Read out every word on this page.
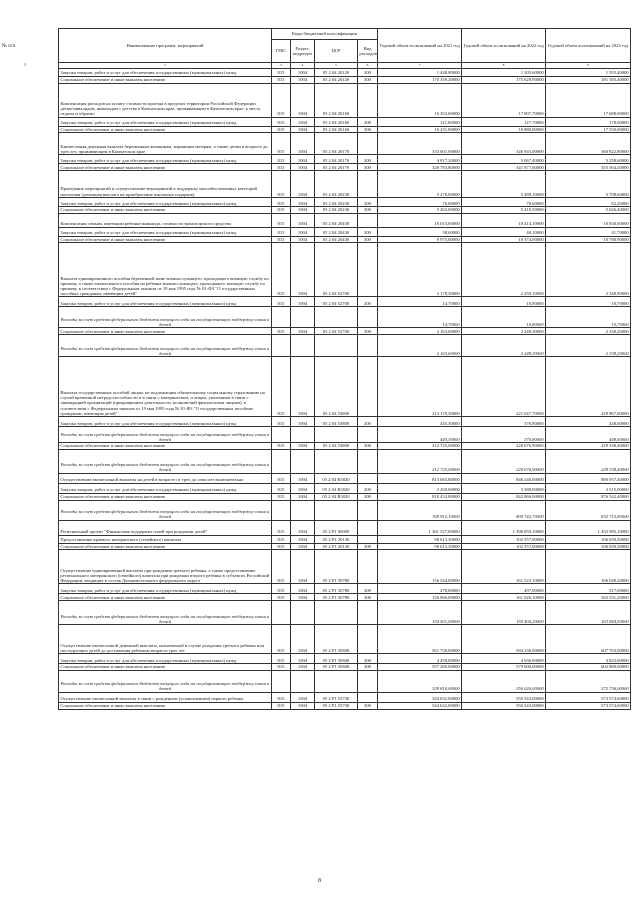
№ п/п	Наименование программ, мероприятий	Коды бюджетной классификации				Годовой объем ассигнований на 2021 год	Годовой объем ассигнований на 2022 год	Годовой объем ассигнований на 2023 год
	ГРБС	Раздел, подраздел	ЦСР	Вид расходов			
2	3	4	5	6	7	8	9
Закупка товаров, работ и услуг для обеспечения государственных (муниципальных) нужд	815	1004	05 2 04 20120	200	1 448,80000	1 505,60000	1 555,40000
Социальное обеспечение и иные выплаты населению	815	1004	05 2 04 20120	300	170 359,20000	175 628,90000	181 185,40000
Компенсация расходов на оплату стоимости проезда в пределах территории Российской Федерации детям-инвалидам, инвалидам с детства в Камчатском крае, проживающим в Камчатском крае, к месту отдыха и обратно	815	1004	05 2 04 20160		16 353,60000	17 007,70000	17 688,00000
Закупка товаров, работ и услуг для обеспечения государственных (муниципальных) нужд	815	1004	05 2 04 20160	200	121,80000	127,70000	178,00000
Социальное обеспечение и иные выплаты населению	815	1004	05 2 04 20160	300	16 231,80000	16 880,00000	17 550,00000
Ежемесячная денежная выплата беременным женщинам, кормящим матерям, а также детям в возрасте до трех лет, проживающим в Камчатском крае	815	1004	05 2 04 20170		333 601,00000	346 945,00000	360 822,80000
Закупка товаров, работ и услуг для обеспечения государственных (муниципальных) нужд	815	1004	05 2 04 20170	200	4 817,20000	5 067,40000	5 258,60000
Социальное обеспечение и иные выплаты населению	815	1004	05 2 04 20170	300	328 783,80000	341 877,60000	355 564,20000
Проведение мероприятий и осуществление мероприятий в поддержку малообеспеченных категорий населения (денежная выплата на приобретение школьных подарков)	815	1004	05 2 04 20230		5 278,00000	5 489,10000	5 708,60000
Закупка товаров, работ и услуг для обеспечения государственных (муниципальных) нужд	815	1004	05 2 04 20230	200	76,00000	78,60000	82,20000
Социальное обеспечение и иные выплаты населению	815	1004	05 2 04 20230	300	5 202,00000	5 410,50000	5 626,40000
Компенсация семьям, имеющим ребенка-инвалида, стоимости транспортного средства	815	1004	05 2 04 20430		10 013,60000	10 414,10000	10 830,60000
Закупка товаров, работ и услуг для обеспечения государственных (муниципальных) нужд	815	1004	05 2 04 20430	200	38,60000	40,10000	41,70000
Социальное обеспечение и иные выплаты населению	815	1004	05 2 04 20430	300	9 975,00000	10 374,00000	10 788,90000
Выплата единовременного пособия беременной жене военнослужащего, проходящего военную службу по призыву, а также ежемесячного пособия на ребенка военнослужащего, проходящего военную службу по призыву, в соответствии с Федеральным законом от 19 мая 1995 года № 81-ФЗ "О государственных пособиях гражданам, имеющим детей"	815	1004	05 2 04 52700		2 178,30000	2 259,10000	2 348,90000
Закупка товаров, работ и услуг для обеспечения государственных (муниципальных) нужд	815	1004	05 2 04 52700	200	14,70000	10,80000	10,70000
Расходы за счет средств федерального бюджета текущего года на государственную поддержку семьи и детей					14,70000	10,80000	10,70000
Социальное обеспечение и иные выплаты населению	815	1004	05 2 04 52700	300	2 163,60000	2 248,30000	2 338,20000
Расходы за счет средств федерального бюджета текущего года на государственную поддержку семьи и детей					2 163,60000	2 248,30000	2 338,20000
Выплата государственных пособий лицам, не подлежащим обязательному социальному страхованию на случай временной нетрудоспособности и в связи с материнством, и лицам, уволенным в связи с ликвидацией организаций (прекращением деятельности, полномочий физическими лицами), в соответствии с Федеральным законом от 19 мая 1995 года № 81-ФЗ "О государственных пособиях гражданам, имеющим детей"	815	1004	05 2 04 53800		213 170,30000	221 047,70000	229 867,00000
Закупка товаров, работ и услуг для обеспечения государственных (муниципальных) нужд	815	1004	05 2 04 53800	200	445,30000	370,80000	448,60000
Расходы за счет средств федерального бюджета текущего года на государственную поддержку семьи и детей					445,30000	370,80000	448,60000
Социальное обеспечение и иные выплаты населению	815	1004	05 2 04 53800	300	212 725,00000	220 676,90000	229 338,40000
Расходы за счет средств федерального бюджета текущего года на государственную поддержку семьи и детей					212 725,00000	220 676,90000	229 338,40000
Осуществление ежемесячной выплаты на детей в возрасте от трех до семи лет включительно	815	1004	05 2 04 R3020		813 683,80000	846 246,00000	880 057,40000
Закупка товаров, работ и услуг для обеспечения государственных (муниципальных) нужд	815	1004	05 2 04 R3020	200	3 250,00000	3 380,00000	3 515,00000
Социальное обеспечение и иные выплаты населению	815	1004	05 2 04 R3020	300	810 433,80000	842 866,00000	876 542,40000
Расходы за счет средств федерального бюджета текущего года на государственную поддержку семьи и детей					769 912,10000	800 742,70000	832 715,80000
Региональный проект "Финансовая поддержка семей при рождении детей"	815	1004	05 2 P1 00000		1 361 527,00000	1 398 859,10000	1 453 985,10000
Предоставление краевого материнского (семейного) капитала	815	1004	05 2 P1 20130		98 613,30000	102 557,00000	106 659,30000
Социальное обеспечение и иные выплаты населению	815	1004	05 2 P1 20130	300	98 613,30000	102 557,00000	106 659,30000
Осуществление единовременной выплаты при рождении третьего ребенка, а также предоставление регионального материнского (семейного) капитала при рождении второго ребенка в субъектах Российской Федерации, входящих в состав Дальневосточного федерального округа	815	1004	05 2 P1 50780		156 544,00000	161 523,10000	166 048,20000
Закупка товаров, работ и услуг для обеспечения государственных (муниципальных) нужд	815	1004	05 2 P1 50780	200	478,00000	497,00000	517,00000
Социальное обеспечение и иные выплаты населению	815	1004	05 2 P1 50780	300	156 066,00000	161 026,10000	165 531,20000
Расходы за счет средств федерального бюджета текущего года на государственную поддержку семьи и детей					154 501,00000	159 404,20000	163 844,50000
Осуществление ежемесячной денежной выплаты, назначаемой в случае рождения третьего ребенка или последующих детей до достижения ребенком возраста трех лет	815	1004	05 2 P1 50840		561 738,00000	584 236,00000	607 703,00000
Закупка товаров, работ и услуг для обеспечения государственных (муниципальных) нужд	815	1004	05 2 P1 50840	200	4 458,00000	4 636,00000	4 823,00000
Социальное обеспечение и иные выплаты населению	815	1004	05 2 P1 50840	300	557 280,00000	579 600,00000	602 880,00000
Расходы за счет средств федерального бюджета текущего года на государственную поддержку семьи и детей					329 810,00000	350 026,00000	372 736,00000
Осуществление ежемесячной выплаты в связи с рождением (усыновлением) первого ребенка	815	1004	05 2 P1 55730		544 632,00000	550 543,00000	573 574,60000
Социальное обеспечение и иные выплаты населению	815	1004	05 2 P1 55730	300	544 632,00000	550 543,00000	573 574,60000
1
8
